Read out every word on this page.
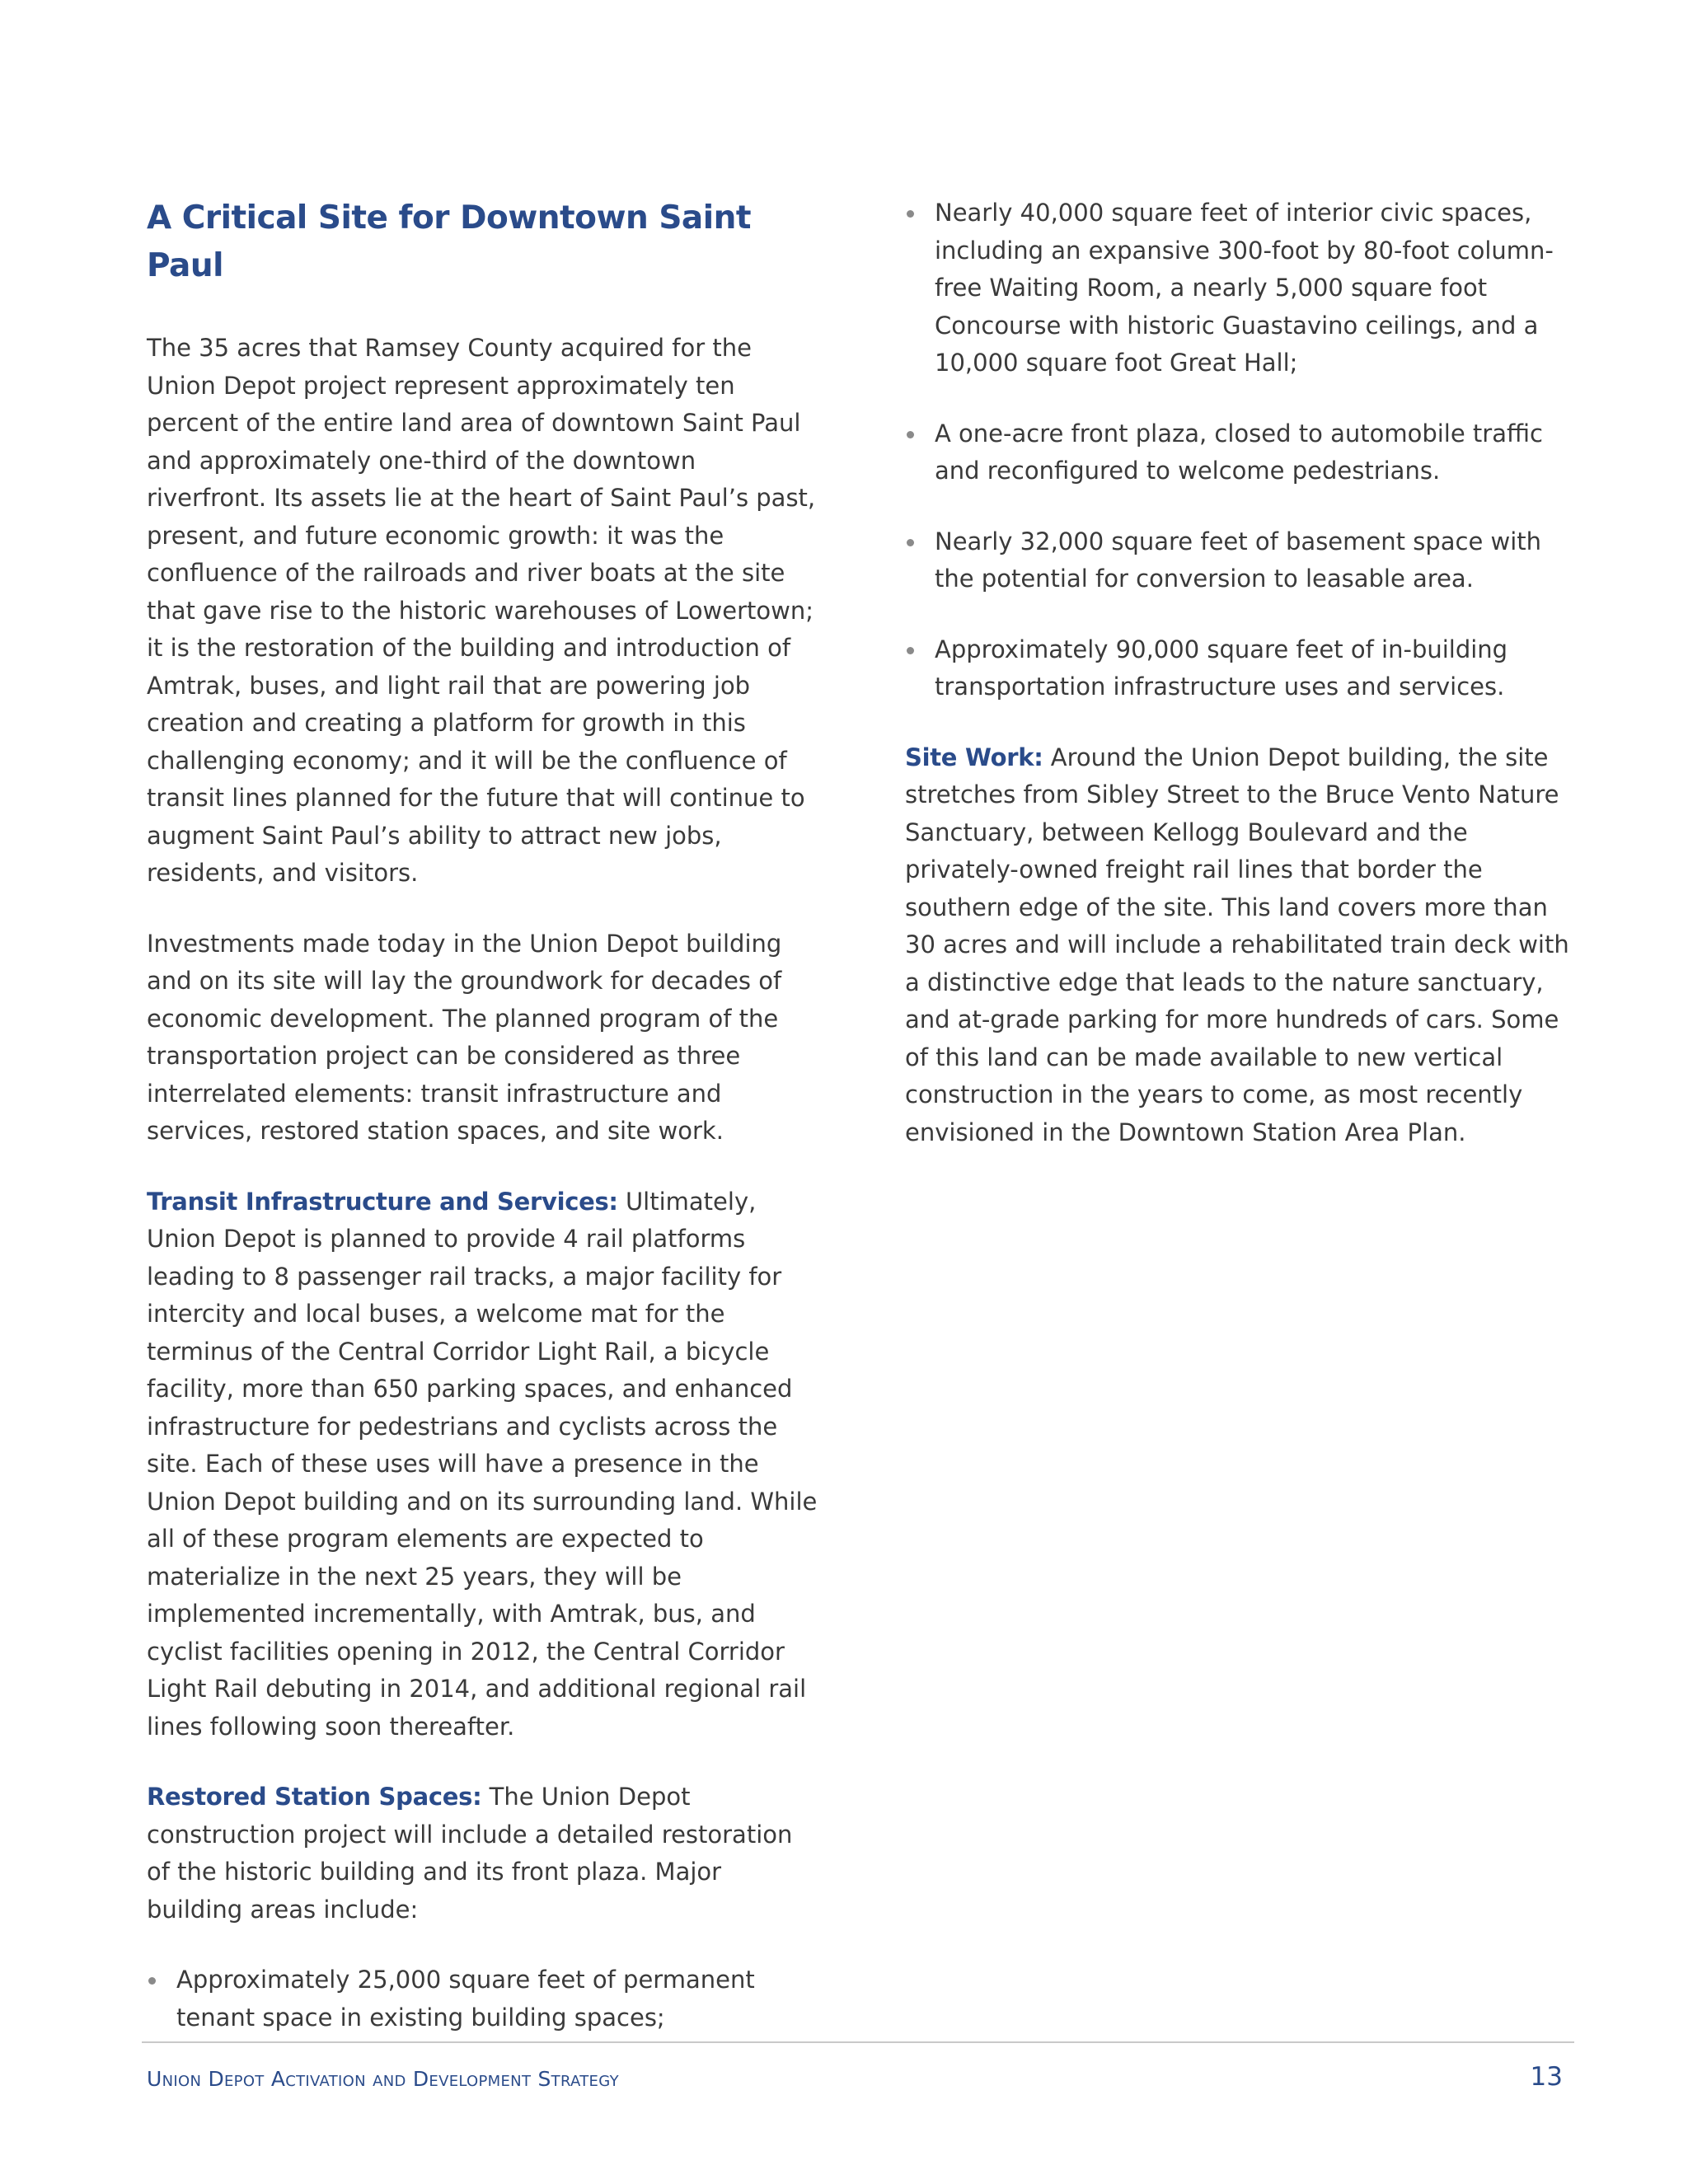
A Critical Site for Downtown Saint Paul

The 35 acres that Ramsey County acquired for the Union Depot project represent approximately ten percent of the entire land area of downtown Saint Paul and approximately one-third of the downtown riverfront. Its assets lie at the heart of Saint Paul’s past, present, and future economic growth: it was the confluence of the railroads and river boats at the site that gave rise to the historic warehouses of Lowertown; it is the restoration of the building and introduction of Amtrak, buses, and light rail that are powering job creation and creating a platform for growth in this challenging economy; and it will be the confluence of transit lines planned for the future that will continue to augment Saint Paul’s ability to attract new jobs, residents, and visitors.

Investments made today in the Union Depot building and on its site will lay the groundwork for decades of economic development. The planned program of the transportation project can be considered as three interrelated elements: transit infrastructure and services, restored station spaces, and site work.

Transit Infrastructure and Services: Ultimately, Union Depot is planned to provide 4 rail platforms leading to 8 passenger rail tracks, a major facility for intercity and local buses, a welcome mat for the terminus of the Central Corridor Light Rail, a bicycle facility, more than 650 parking spaces, and enhanced infrastructure for pedestrians and cyclists across the site. Each of these uses will have a presence in the Union Depot building and on its surrounding land. While all of these program elements are expected to materialize in the next 25 years, they will be implemented incrementally, with Amtrak, bus, and cyclist facilities opening in 2012, the Central Corridor Light Rail debuting in 2014, and additional regional rail lines following soon thereafter.

Restored Station Spaces: The Union Depot construction project will include a detailed restoration of the historic building and its front plaza. Major building areas include:

Approximately 25,000 square feet of permanent tenant space in existing building spaces;
Nearly 40,000 square feet of interior civic spaces, including an expansive 300-foot by 80-foot column-free Waiting Room, a nearly 5,000 square foot Concourse with historic Guastavino ceilings, and a 10,000 square foot Great Hall;
A one-acre front plaza, closed to automobile traffic and reconfigured to welcome pedestrians.
Nearly 32,000 square feet of basement space with the potential for conversion to leasable area.
Approximately 90,000 square feet of in-building transportation infrastructure uses and services.

Site Work: Around the Union Depot building, the site stretches from Sibley Street to the Bruce Vento Nature Sanctuary, between Kellogg Boulevard and the privately-owned freight rail lines that border the southern edge of the site. This land covers more than 30 acres and will include a rehabilitated train deck with a distinctive edge that leads to the nature sanctuary, and at-grade parking for more hundreds of cars. Some of this land can be made available to new vertical construction in the years to come, as most recently envisioned in the Downtown Station Area Plan.

Union Depot Activation and Development Strategy	13
